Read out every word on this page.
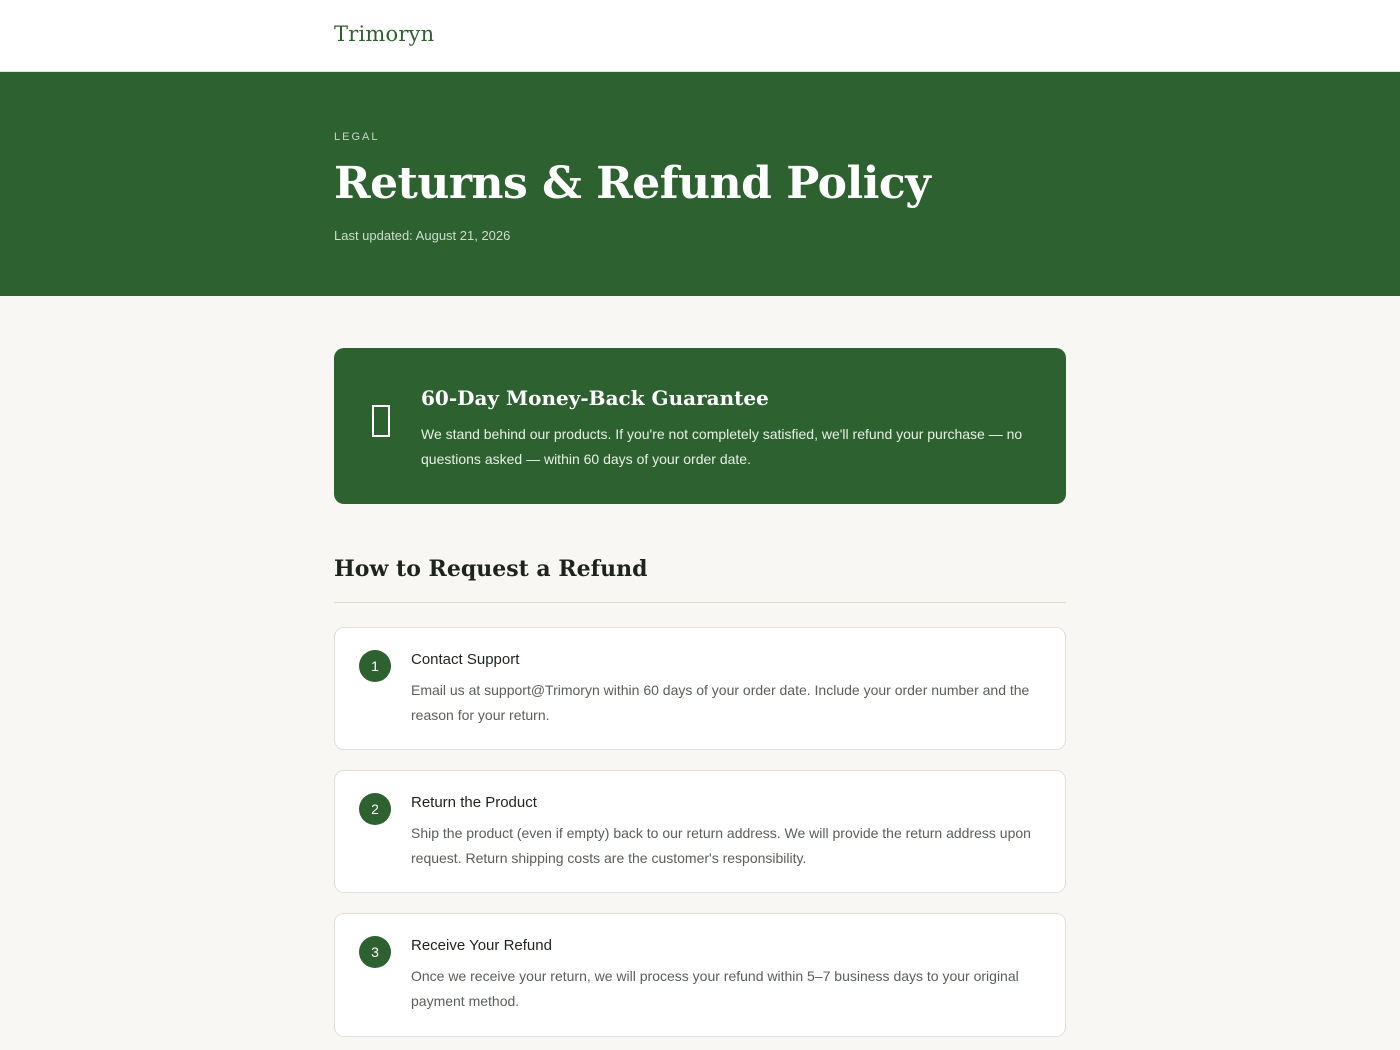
Trimoryn
LEGAL
Returns & Refund Policy
Last updated: August 21, 2026
60-Day Money-Back Guarantee

We stand behind our products. If you're not completely satisfied, we'll refund your purchase — no questions asked — within 60 days of your order date.

How to Request a Refund
1	Contact Support

Email us at support@Trimoryn within 60 days of your order date. Include your order number and the reason for your return.

2	Return the Product

Ship the product (even if empty) back to our return address. We will provide the return address upon request. Return shipping costs are the customer's responsibility.

3	Receive Your Refund

Once we receive your return, we will process your refund within 5–7 business days to your original payment method.
